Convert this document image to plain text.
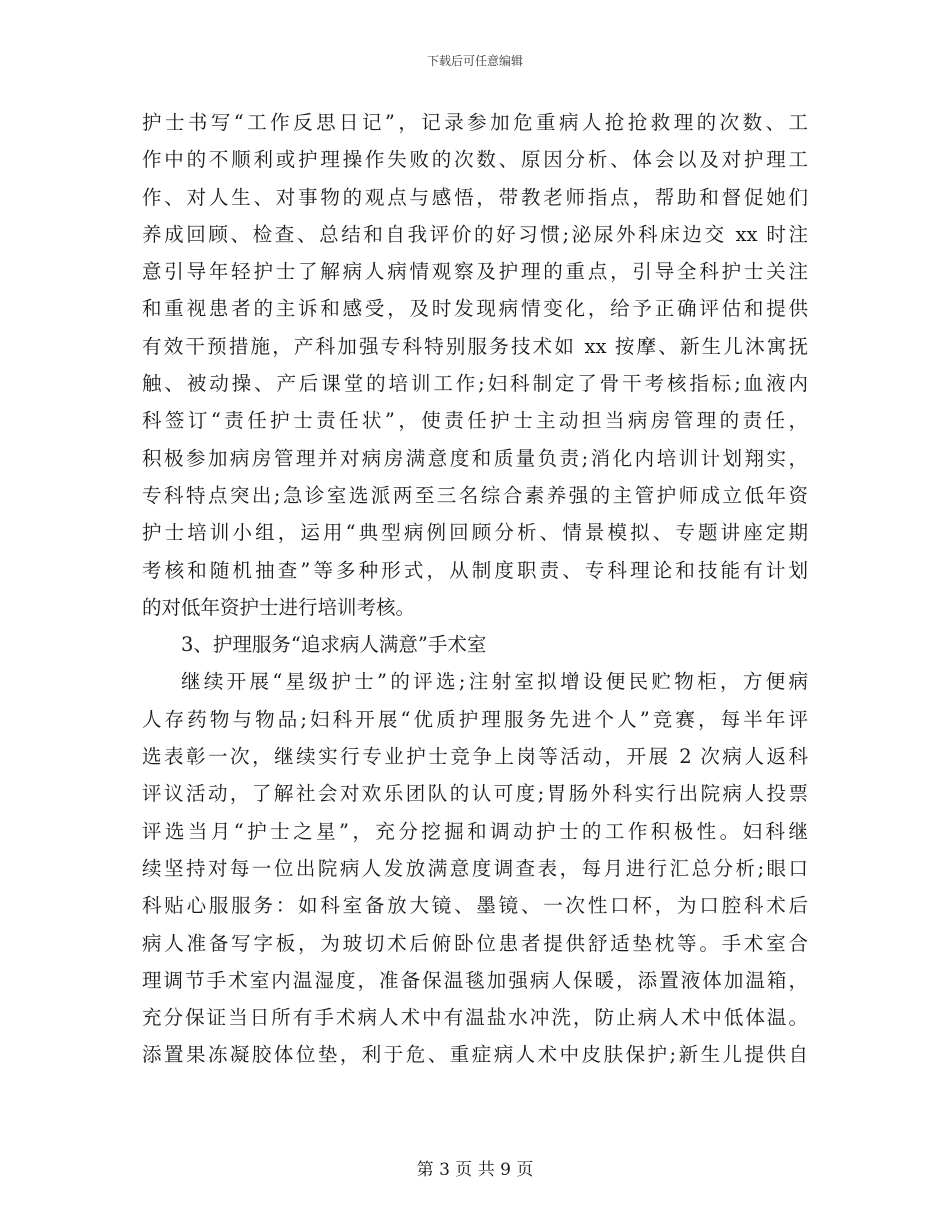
下载后可任意编辑
护士书写“工作反思日记”，记录参加危重病人抢抢救理的次数、工
作中的不顺利或护理操作失败的次数、原因分析、体会以及对护理工
作、对人生、对事物的观点与感悟，带教老师指点，帮助和督促她们
养成回顾、检查、总结和自我评价的好习惯;泌尿外科床边交 xx 时注
意引导年轻护士了解病人病情观察及护理的重点，引导全科护士关注
和重视患者的主诉和感受，及时发现病情变化，给予正确评估和提供
有效干预措施，产科加强专科特别服务技术如 xx 按摩、新生儿沐寓抚
触、被动操、产后课堂的培训工作;妇科制定了骨干考核指标;血液内
科签订“责任护士责任状”，使责任护士主动担当病房管理的责任，
积极参加病房管理并对病房满意度和质量负责;消化内培训计划翔实，
专科特点突出;急诊室选派两至三名综合素养强的主管护师成立低年资
护士培训小组，运用“典型病例回顾分析、情景模拟、专题讲座定期
考核和随机抽查”等多种形式，从制度职责、专科理论和技能有计划
的对低年资护士进行培训考核。
3、护理服务“追求病人满意”手术室
继续开展“星级护士”的评选;注射室拟增设便民贮物柜，方便病
人存药物与物品;妇科开展“优质护理服务先进个人”竞赛，每半年评
选表彰一次，继续实行专业护士竞争上岗等活动，开展 2 次病人返科
评议活动，了解社会对欢乐团队的认可度;胃肠外科实行出院病人投票
评选当月“护士之星”，充分挖掘和调动护士的工作积极性。妇科继
续坚持对每一位出院病人发放满意度调查表，每月进行汇总分析;眼口
科贴心服服务：如科室备放大镜、墨镜、一次性口杯，为口腔科术后
病人准备写字板，为玻切术后俯卧位患者提供舒适垫枕等。手术室合
理调节手术室内温湿度，准备保温毯加强病人保暖，添置液体加温箱，
充分保证当日所有手术病人术中有温盐水冲洗，防止病人术中低体温。
添置果冻凝胶体位垫，利于危、重症病人术中皮肤保护;新生儿提供自
第 3 页 共 9 页
